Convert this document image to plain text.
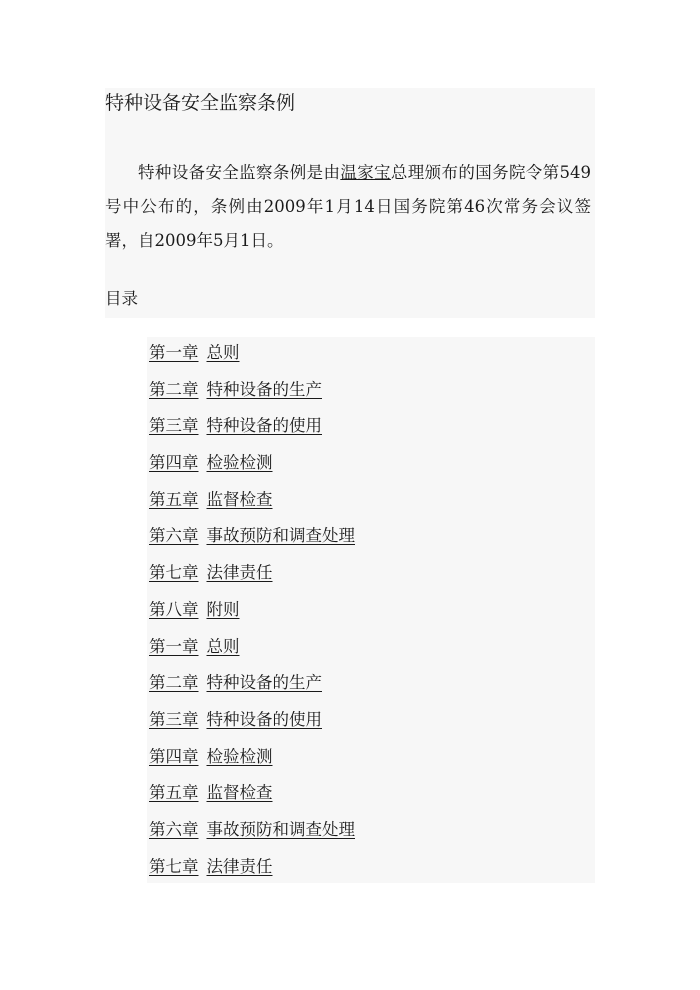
特种设备安全监察条例

特种设备安全监察条例是由温家宝总理颁布的国务院令第549号中公布的，条例由2009年1月14日国务院第46次常务会议签署，自2009年5月1日。

目录
第一章 总则
第二章 特种设备的生产
第三章 特种设备的使用
第四章 检验检测
第五章 监督检查
第六章 事故预防和调查处理
第七章 法律责任
第八章 附则
第一章 总则
第二章 特种设备的生产
第三章 特种设备的使用
第四章 检验检测
第五章 监督检查
第六章 事故预防和调查处理
第七章 法律责任
